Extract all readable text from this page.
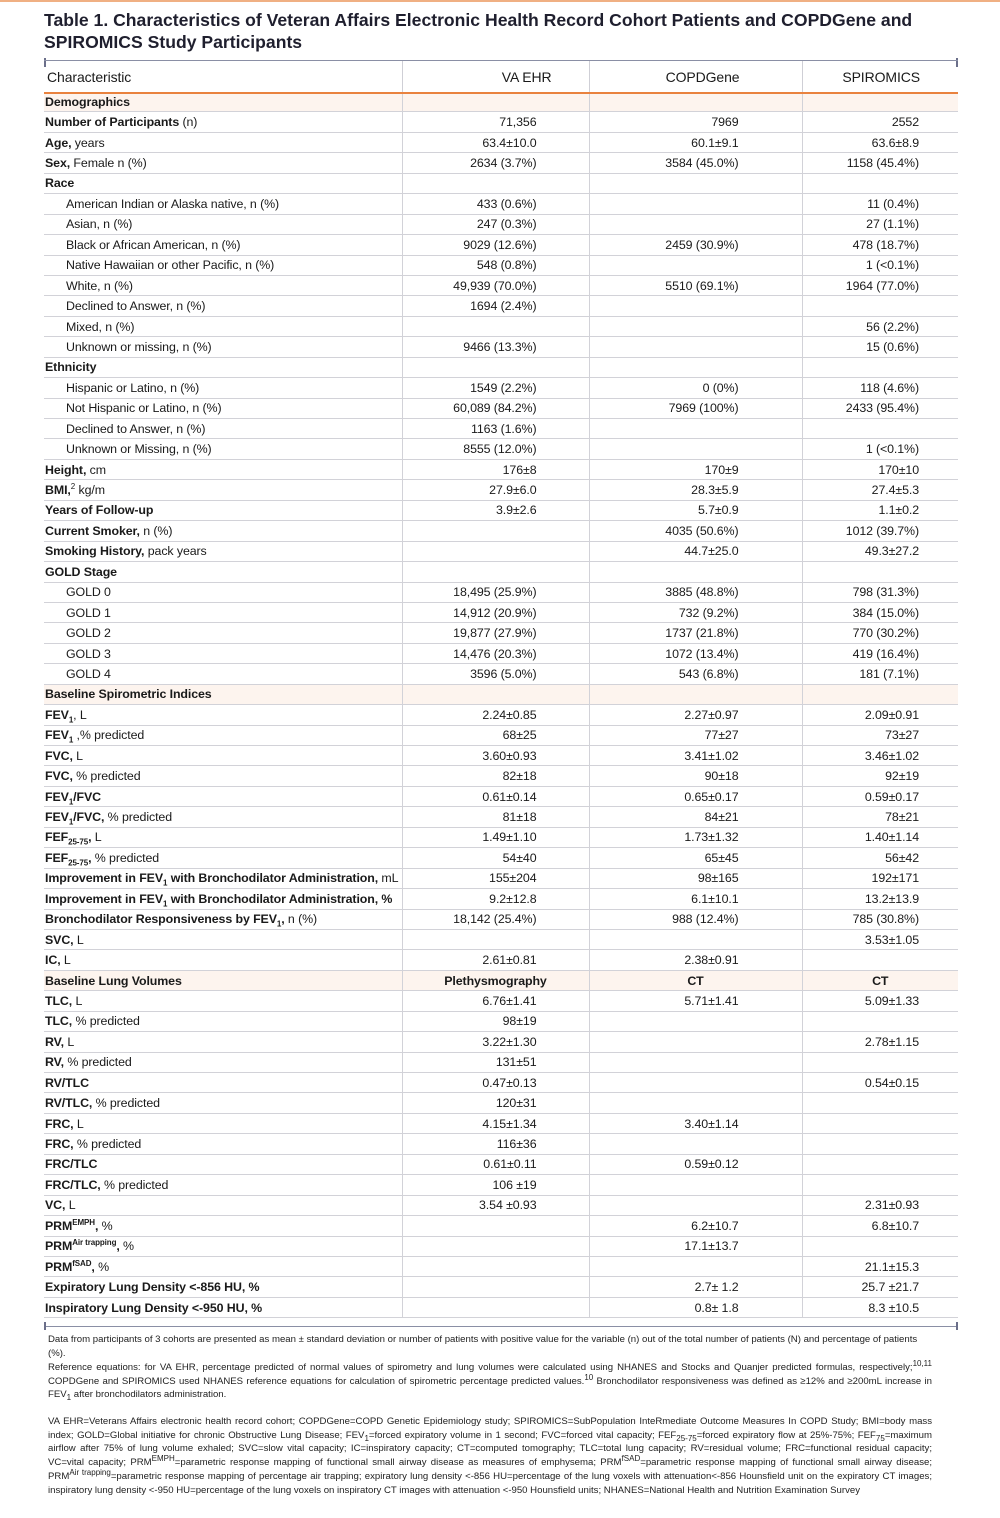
Table 1. Characteristics of Veteran Affairs Electronic Health Record Cohort Patients and COPDGene and SPIROMICS Study Participants
Characteristic	VA EHR	COPDGene	SPIROMICS
Demographics			
Number of Participants (n)	71,356	7969	2552
Age, years	63.4±10.0	60.1±9.1	63.6±8.9
Sex, Female n (%)	2634 (3.7%)	3584 (45.0%)	1158 (45.4%)
Race			
American Indian or Alaska native, n (%)	433 (0.6%)		11 (0.4%)
Asian, n (%)	247 (0.3%)		27 (1.1%)
Black or African American, n (%)	9029 (12.6%)	2459 (30.9%)	478 (18.7%)
Native Hawaiian or other Pacific, n (%)	548 (0.8%)		1 (<0.1%)
White, n (%)	49,939 (70.0%)	5510 (69.1%)	1964 (77.0%)
Declined to Answer, n (%)	1694 (2.4%)		
Mixed, n (%)			56 (2.2%)
Unknown or missing, n (%)	9466 (13.3%)		15 (0.6%)
Ethnicity			
Hispanic or Latino, n (%)	1549 (2.2%)	0 (0%)	118 (4.6%)
Not Hispanic or Latino, n (%)	60,089 (84.2%)	7969 (100%)	2433 (95.4%)
Declined to Answer, n (%)	1163 (1.6%)		
Unknown or Missing, n (%)	8555 (12.0%)		1 (<0.1%)
Height, cm	176±8	170±9	170±10
BMI,$^2$ kg/m	27.9±6.0	28.3±5.9	27.4±5.3
Years of Follow-up	3.9±2.6	5.7±0.9	1.1±0.2
Current Smoker, n (%)		4035 (50.6%)	1012 (39.7%)
Smoking History, pack years		44.7±25.0	49.3±27.2
GOLD Stage			
GOLD 0	18,495 (25.9%)	3885 (48.8%)	798 (31.3%)
GOLD 1	14,912 (20.9%)	732 (9.2%)	384 (15.0%)
GOLD 2	19,877 (27.9%)	1737 (21.8%)	770 (30.2%)
GOLD 3	14,476 (20.3%)	1072 (13.4%)	419 (16.4%)
GOLD 4	3596 (5.0%)	543 (6.8%)	181 (7.1%)
Baseline Spirometric Indices			
$FEV_1$, L	2.24±0.85	2.27±0.97	2.09±0.91
$FEV_1$ ,% predicted	68±25	77±27	73±27
FVC, L	3.60±0.93	3.41±1.02	3.46±1.02
FVC, % predicted	82±18	90±18	92±19
$FEV_1$/FVC	0.61±0.14	0.65±0.17	0.59±0.17
$FEV_1$/FVC, % predicted	81±18	84±21	78±21
$FEF_{25-75}$, L	1.49±1.10	1.73±1.32	1.40±1.14
$FEF_{25-75}$, % predicted	54±40	65±45	56±42
Improvement in $FEV_1$ with Bronchodilator Administration, mL	155±204	98±165	192±171
Improvement in $FEV_1$ with Bronchodilator Administration, %	9.2±12.8	6.1±10.1	13.2±13.9
Bronchodilator Responsiveness by $FEV_1$, n (%)	18,142 (25.4%)	988 (12.4%)	785 (30.8%)
SVC, L			3.53±1.05
IC, L	2.61±0.81	2.38±0.91	
Baseline Lung Volumes	Plethysmography	CT	CT
TLC, L	6.76±1.41	5.71±1.41	5.09±1.33
TLC, % predicted	98±19		
RV, L	3.22±1.30		2.78±1.15
RV, % predicted	131±51		
RV/TLC	0.47±0.13		0.54±0.15
RV/TLC, % predicted	120±31		
FRC, L	4.15±1.34	3.40±1.14	
FRC, % predicted	116±36		
FRC/TLC	0.61±0.11	0.59±0.12	
FRC/TLC, % predicted	106 ±19		
VC, L	3.54 ±0.93		2.31±0.93
$PRM^{EMPH}$, %		6.2±10.7	6.8±10.7
$PRM^{Air trapping}$, %		17.1±13.7	
$PRM^{fSAD}$, %			21.1±15.3
Expiratory Lung Density <-856 HU, %		2.7± 1.2	25.7 ±21.7
Inspiratory Lung Density <-950 HU, %		0.8± 1.8	8.3 ±10.5
Data from participants of 3 cohorts are presented as mean ± standard deviation or number of patients with positive value for the variable (n) out of the total number of patients (N) and percentage of patients (%).
Reference equations: for VA EHR, percentage predicted of normal values of spirometry and lung volumes were calculated using NHANES and Stocks and Quanjer predicted formulas, respectively;$^{10,11}$ COPDGene and SPIROMICS used NHANES reference equations for calculation of spirometric percentage predicted values.$^{10}$ Bronchodilator responsiveness was defined as ≥12% and ≥200mL increase in $FEV_1$ after bronchodilators administration.
VA EHR=Veterans Affairs electronic health record cohort; COPDGene=COPD Genetic Epidemiology study; SPIROMICS=SubPopulation InteRmediate Outcome Measures In COPD Study; BMI=body mass index; GOLD=Global initiative for chronic Obstructive Lung Disease; $FEV_1=forced$ expiratory volume in 1 second; FVC=forced vital capacity; $FEF_{25-75}=forced$ expiratory flow at 25%-75%; $FEF_{75}=maximum$ airflow after 75% of lung volume exhaled; SVC=slow vital capacity; IC=inspiratory capacity; CT=computed tomography; TLC=total lung capacity; RV=residual volume; FRC=functional residual capacity; VC=vital capacity; $PRM^{EMPH}=parametric$ response mapping of functional small airway disease as measures of emphysema; $PRM^{fSAD}=parametric$ response mapping of functional small airway disease; $PRM^{Air trapping}=parametric$ response mapping of percentage air trapping; expiratory lung density <-856 HU=percentage of the lung voxels with attenuation<-856 Hounsfield unit on the expiratory CT images; inspiratory lung density <-950 HU=percentage of the lung voxels on inspiratory CT images with attenuation <-950 Hounsfield units; NHANES=National Health and Nutrition Examination Survey
